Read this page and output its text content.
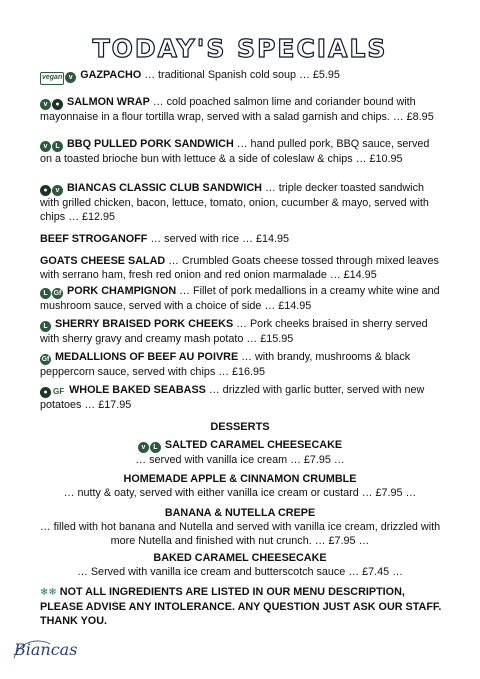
TODAY'S SPECIALS
vegan v GAZPACHO … traditional Spanish cold soup … £5.95
v ● SALMON WRAP … cold poached salmon lime and coriander bound with mayonnaise in a flour tortilla wrap, served with a salad garnish and chips. … £8.95
v L BBQ PULLED PORK SANDWICH … hand pulled pork, BBQ sauce, served on a toasted brioche bun with lettuce & a side of coleslaw & chips … £10.95
● v BIANCAS CLASSIC CLUB SANDWICH … triple decker toasted sandwich with grilled chicken, bacon, lettuce, tomato, onion, cucumber & mayo, served with chips … £12.95
BEEF STROGANOFF … served with rice … £14.95
GOATS CHEESE SALAD … Crumbled Goats cheese tossed through mixed leaves with serrano ham, fresh red onion and red onion marmalade … £14.95
L Gf PORK CHAMPIGNON … Fillet of pork medallions in a creamy white wine and mushroom sauce, served with a choice of side … £14.95
L SHERRY BRAISED PORK CHEEKS … Pork cheeks braised in sherry served with sherry gravy and creamy mash potato … £15.95
Gf MEDALLIONS OF BEEF AU POIVRE … with brandy, mushrooms & black peppercorn sauce, served with chips … £16.95
● GF WHOLE BAKED SEABASS … drizzled with garlic butter, served with new potatoes … £17.95
DESSERTS
v L SALTED CARAMEL CHEESECAKE
… served with vanilla ice cream … £7.95 …
HOMEMADE APPLE & CINNAMON CRUMBLE
… nutty & oaty, served with either vanilla ice cream or custard … £7.95 …
BANANA & NUTELLA CREPE
… filled with hot banana and Nutella and served with vanilla ice cream, drizzled with more Nutella and finished with nut crunch. … £7.95 …
BAKED CARAMEL CHEESECAKE
… Served with vanilla ice cream and butterscotch sauce … £7.45 …
❄❄ NOT ALL INGREDIENTS ARE LISTED IN OUR MENU DESCRIPTION, PLEASE ADVISE ANY INTOLERANCE. ANY QUESTION JUST ASK OUR STAFF. THANK YOU.
Biancas
